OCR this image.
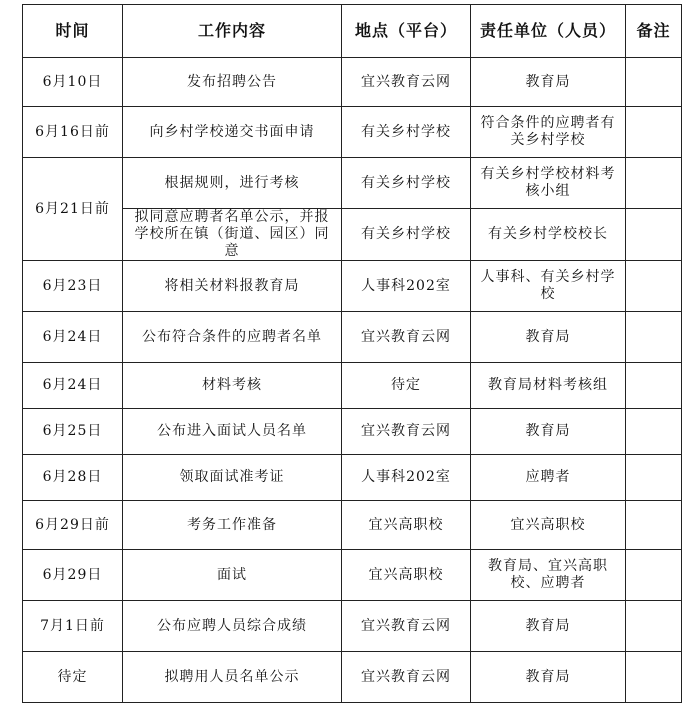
时间	工作内容	地点（平台）	责任单位（人员）	备注
6月10日	发布招聘公告	宜兴教育云网	教育局	
6月16日前	向乡村学校递交书面申请	有关乡村学校	符合条件的应聘者有关乡村学校	
6月21日前	根据规则，进行考核	有关乡村学校	有关乡村学校材料考核小组	
	拟同意应聘者名单公示，并报学校所在镇（街道、园区）同意	有关乡村学校	有关乡村学校校长	
6月23日	将相关材料报教育局	人事科202室	人事科、有关乡村学校	
6月24日	公布符合条件的应聘者名单	宜兴教育云网	教育局	
6月24日	材料考核	待定	教育局材料考核组	
6月25日	公布进入面试人员名单	宜兴教育云网	教育局	
6月28日	领取面试准考证	人事科202室	应聘者	
6月29日前	考务工作准备	宜兴高职校	宜兴高职校	
6月29日	面试	宜兴高职校	教育局、宜兴高职校、应聘者	
7月1日前	公布应聘人员综合成绩	宜兴教育云网	教育局	
待定	拟聘用人员名单公示	宜兴教育云网	教育局	
